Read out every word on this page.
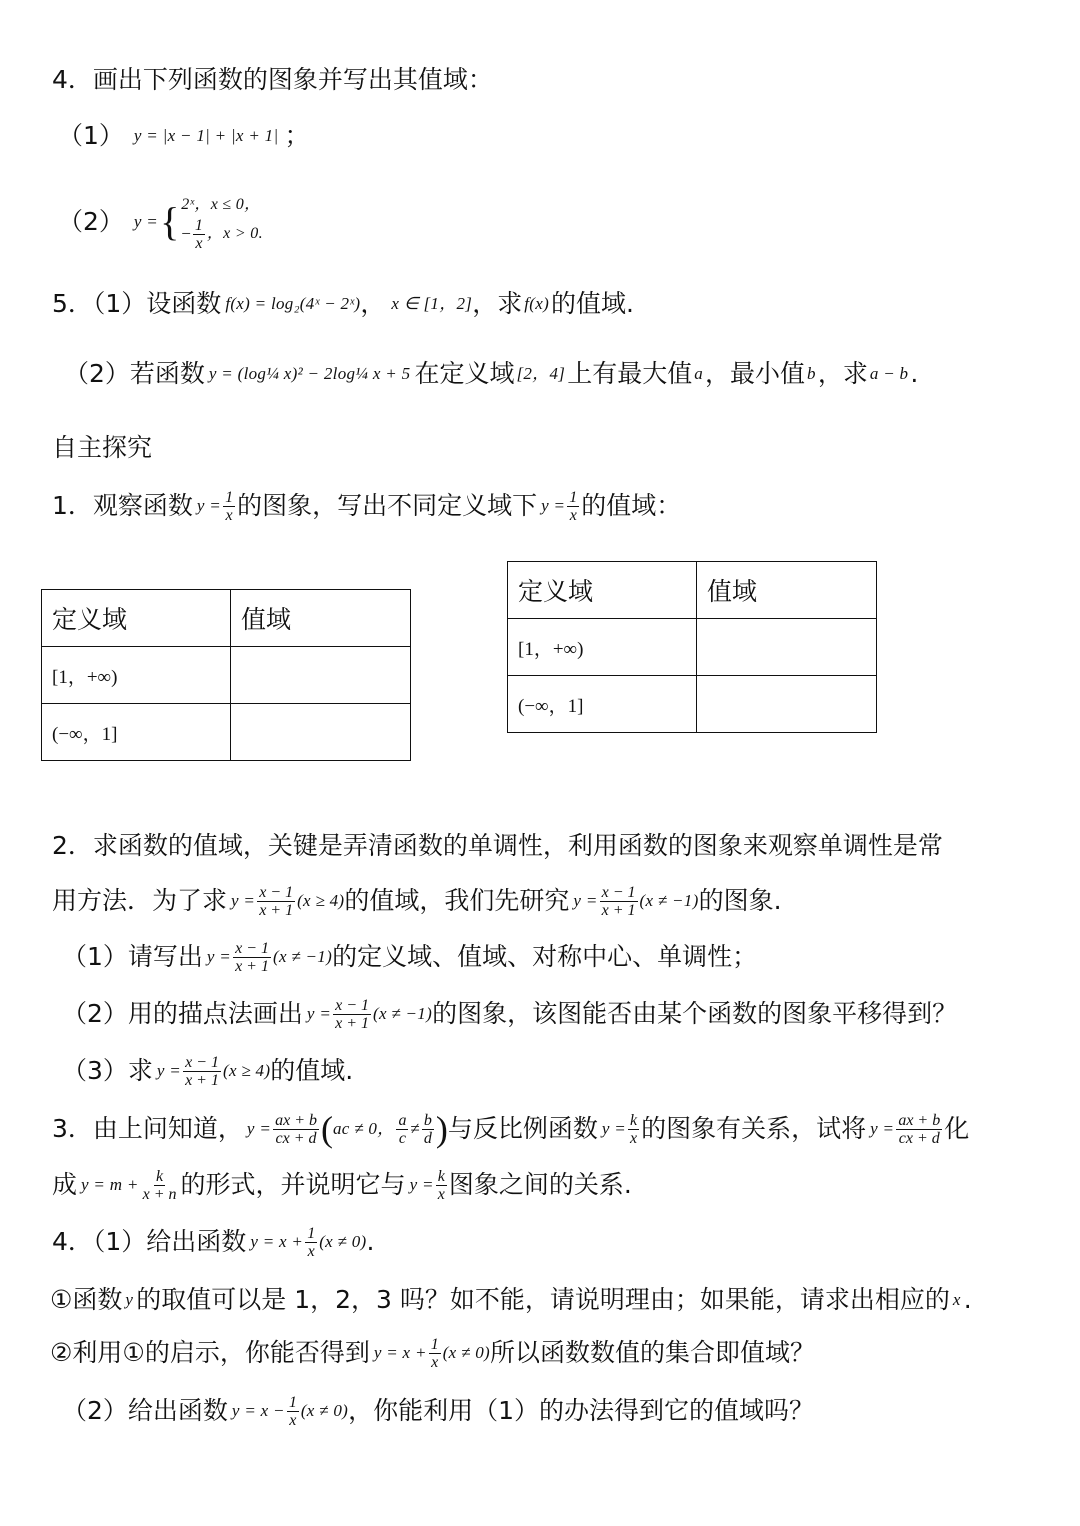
4．画出下列函数的图象并写出其值域：
（1） y = |x − 1| + |x + 1| ；
（2） y = { 2ˣ，x ≤ 0，
− $\frac{1}{x}$ ，x > 0.
5．（1）设函数 f(x) = log₂(4ˣ − 2ˣ) ， x ∈ [1，2] ，求 f(x) 的值域.
（2）若函数 y = (log¼ x)² − 2log¼ x + 5 在定义域 [2，4] 上有最大值 a ，最小值 b ，求 a − b .
自主探究
1．观察函数 $y = \frac{1}{x}$ 的图象，写出不同定义域下 $y = \frac{1}{x}$ 的值域：
定义域	值域
[1，+∞)	
(−∞，1]	
定义域	值域
[1，+∞)	
(−∞，1]	
2．求函数的值域，关键是弄清函数的单调性，利用函数的图象来观察单调性是常
用方法．为了求 $y = \frac{x - 1}{x + 1} (x \ge 4)$ 的值域，我们先研究 $y = \frac{x - 1}{x + 1} (x \ne -1)$ 的图象.
（1）请写出 $y = \frac{x - 1}{x + 1} (x \ne -1)$ 的定义域、值域、对称中心、单调性；
（2）用的描点法画出 $y = \frac{x - 1}{x + 1} (x \ne -1)$ 的图象，该图能否由某个函数的图象平移得到？
（3）求 $y = \frac{x - 1}{x + 1} (x \ge 4)$ 的值域.
3．由上问知道， $y = \frac{ax + b}{cx + d}$ ( ac ≠ 0， $\frac{a}{c} \ne \frac{b}{d}$ ) 与反比例函数 $y = \frac{k}{x}$ 的图象有关系，试将 $y = \frac{ax + b}{cx + d}$ 化
成 $y = m + \frac{k}{x + n}$ 的形式，并说明它与 $y = \frac{k}{x}$ 图象之间的关系.
4．（1）给出函数 $y = x + \frac{1}{x} (x \ne 0)$ .
①函数 y 的取值可以是 1，2，3 吗？如不能，请说明理由；如果能，请求出相应的 x .
②利用①的启示，你能否得到 $y = x + \frac{1}{x} (x \ne 0)$ 所以函数数值的集合即值域？
（2）给出函数 $y = x - \frac{1}{x} (x \ne 0)$ ，你能利用（1）的办法得到它的值域吗？
